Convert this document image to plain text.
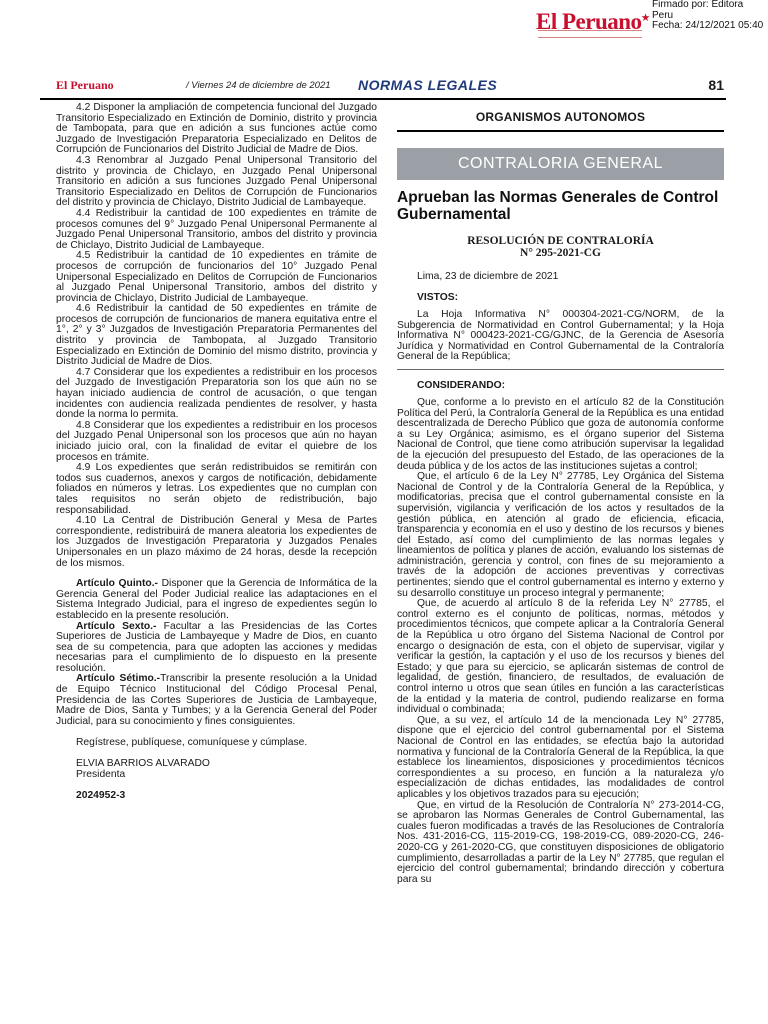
El Peruano★
Firmado por: Editora
Peru
Fecha: 24/12/2021 05:40
El Peruano	/ Viernes 24 de diciembre de 2021 NORMAS LEGALES	81

4.2 Disponer la ampliación de competencia funcional del Juzgado Transitorio Especializado en Extinción de Dominio, distrito y provincia de Tambopata, para que en adición a sus funciones actúe como Juzgado de Investigación Preparatoria Especializado en Delitos de Corrupción de Funcionarios del Distrito Judicial de Madre de Dios.

4.3 Renombrar al Juzgado Penal Unipersonal Transitorio del distrito y provincia de Chiclayo, en Juzgado Penal Unipersonal Transitorio en adición a sus funciones Juzgado Penal Unipersonal Transitorio Especializado en Delitos de Corrupción de Funcionarios del distrito y provincia de Chiclayo, Distrito Judicial de Lambayeque.

4.4 Redistribuir la cantidad de 100 expedientes en trámite de procesos comunes del 9° Juzgado Penal Unipersonal Permanente al Juzgado Penal Unipersonal Transitorio, ambos del distrito y provincia de Chiclayo, Distrito Judicial de Lambayeque.

4.5 Redistribuir la cantidad de 10 expedientes en trámite de procesos de corrupción de funcionarios del 10° Juzgado Penal Unipersonal Especializado en Delitos de Corrupción de Funcionarios al Juzgado Penal Unipersonal Transitorio, ambos del distrito y provincia de Chiclayo, Distrito Judicial de Lambayeque.

4.6 Redistribuir la cantidad de 50 expedientes en trámite de procesos de corrupción de funcionarios de manera equitativa entre el 1°, 2° y 3° Juzgados de Investigación Preparatoria Permanentes del distrito y provincia de Tambopata, al Juzgado Transitorio Especializado en Extinción de Dominio del mismo distrito, provincia y Distrito Judicial de Madre de Dios.

4.7 Considerar que los expedientes a redistribuir en los procesos del Juzgado de Investigación Preparatoria son los que aún no se hayan iniciado audiencia de control de acusación, o que tengan incidentes con audiencia realizada pendientes de resolver, y hasta donde la norma lo permita.

4.8 Considerar que los expedientes a redistribuir en los procesos del Juzgado Penal Unipersonal son los procesos que aún no hayan iniciado juicio oral, con la finalidad de evitar el quiebre de los procesos en trámite.

4.9 Los expedientes que serán redistribuidos se remitirán con todos sus cuadernos, anexos y cargos de notificación, debidamente foliados en números y letras. Los expedientes que no cumplan con tales requisitos no serán objeto de redistribución, bajo responsabilidad.

4.10 La Central de Distribución General y Mesa de Partes correspondiente, redistribuirá de manera aleatoria los expedientes de los Juzgados de Investigación Preparatoria y Juzgados Penales Unipersonales en un plazo máximo de 24 horas, desde la recepción de los mismos.

Artículo Quinto.- Disponer que la Gerencia de Informática de la Gerencia General del Poder Judicial realice las adaptaciones en el Sistema Integrado Judicial, para el ingreso de expedientes según lo establecido en la presente resolución.

Artículo Sexto.- Facultar a las Presidencias de las Cortes Superiores de Justicia de Lambayeque y Madre de Dios, en cuanto sea de su competencia, para que adopten las acciones y medidas necesarias para el cumplimiento de lo dispuesto en la presente resolución.

Artículo Sétimo.-Transcribir la presente resolución a la Unidad de Equipo Técnico Institucional del Código Procesal Penal, Presidencia de las Cortes Superiores de Justicia de Lambayeque, Madre de Dios, Santa y Tumbes; y a la Gerencia General del Poder Judicial, para su conocimiento y fines consiguientes.

Regístrese, publíquese, comuníquese y cúmplase.

ELVIA BARRIOS ALVARADO

Presidenta

2024952-3
ORGANISMOS AUTONOMOS
CONTRALORIA GENERAL
Aprueban las Normas Generales de Control Gubernamental
RESOLUCIÓN DE CONTRALORÍA
N° 295-2021-CG
Lima, 23 de diciembre de 2021
VISTOS:

La Hoja Informativa N° 000304-2021-CG/NORM, de la Subgerencia de Normatividad en Control Gubernamental; y la Hoja Informativa N° 000423-2021-CG/GJNC, de la Gerencia de Asesoría Jurídica y Normatividad en Control Gubernamental de la Contraloría General de la República;

CONSIDERANDO:

Que, conforme a lo previsto en el artículo 82 de la Constitución Política del Perú, la Contraloría General de la República es una entidad descentralizada de Derecho Público que goza de autonomía conforme a su Ley Orgánica; asimismo, es el órgano superior del Sistema Nacional de Control, que tiene como atribución supervisar la legalidad de la ejecución del presupuesto del Estado, de las operaciones de la deuda pública y de los actos de las instituciones sujetas a control;

Que, el artículo 6 de la Ley N° 27785, Ley Orgánica del Sistema Nacional de Control y de la Contraloría General de la República, y modificatorias, precisa que el control gubernamental consiste en la supervisión, vigilancia y verificación de los actos y resultados de la gestión pública, en atención al grado de eficiencia, eficacia, transparencia y economía en el uso y destino de los recursos y bienes del Estado, así como del cumplimiento de las normas legales y lineamientos de política y planes de acción, evaluando los sistemas de administración, gerencia y control, con fines de su mejoramiento a través de la adopción de acciones preventivas y correctivas pertinentes; siendo que el control gubernamental es interno y externo y su desarrollo constituye un proceso integral y permanente;

Que, de acuerdo al artículo 8 de la referida Ley N° 27785, el control externo es el conjunto de políticas, normas, métodos y procedimientos técnicos, que compete aplicar a la Contraloría General de la República u otro órgano del Sistema Nacional de Control por encargo o designación de esta, con el objeto de supervisar, vigilar y verificar la gestión, la captación y el uso de los recursos y bienes del Estado; y que para su ejercicio, se aplicarán sistemas de control de legalidad, de gestión, financiero, de resultados, de evaluación de control interno u otros que sean útiles en función a las características de la entidad y la materia de control, pudiendo realizarse en forma individual o combinada;

Que, a su vez, el artículo 14 de la mencionada Ley N° 27785, dispone que el ejercicio del control gubernamental por el Sistema Nacional de Control en las entidades, se efectúa bajo la autoridad normativa y funcional de la Contraloría General de la República, la que establece los lineamientos, disposiciones y procedimientos técnicos correspondientes a su proceso, en función a la naturaleza y/o especialización de dichas entidades, las modalidades de control aplicables y los objetivos trazados para su ejecución;

Que, en virtud de la Resolución de Contraloría N° 273-2014-CG, se aprobaron las Normas Generales de Control Gubernamental, las cuales fueron modificadas a través de las Resoluciones de Contraloría Nos. 431-2016-CG, 115-2019-CG, 198-2019-CG, 089-2020-CG, 246-2020-CG y 261-2020-CG, que constituyen disposiciones de obligatorio cumplimiento, desarrolladas a partir de la Ley N° 27785, que regulan el ejercicio del control gubernamental; brindando dirección y cobertura para su
